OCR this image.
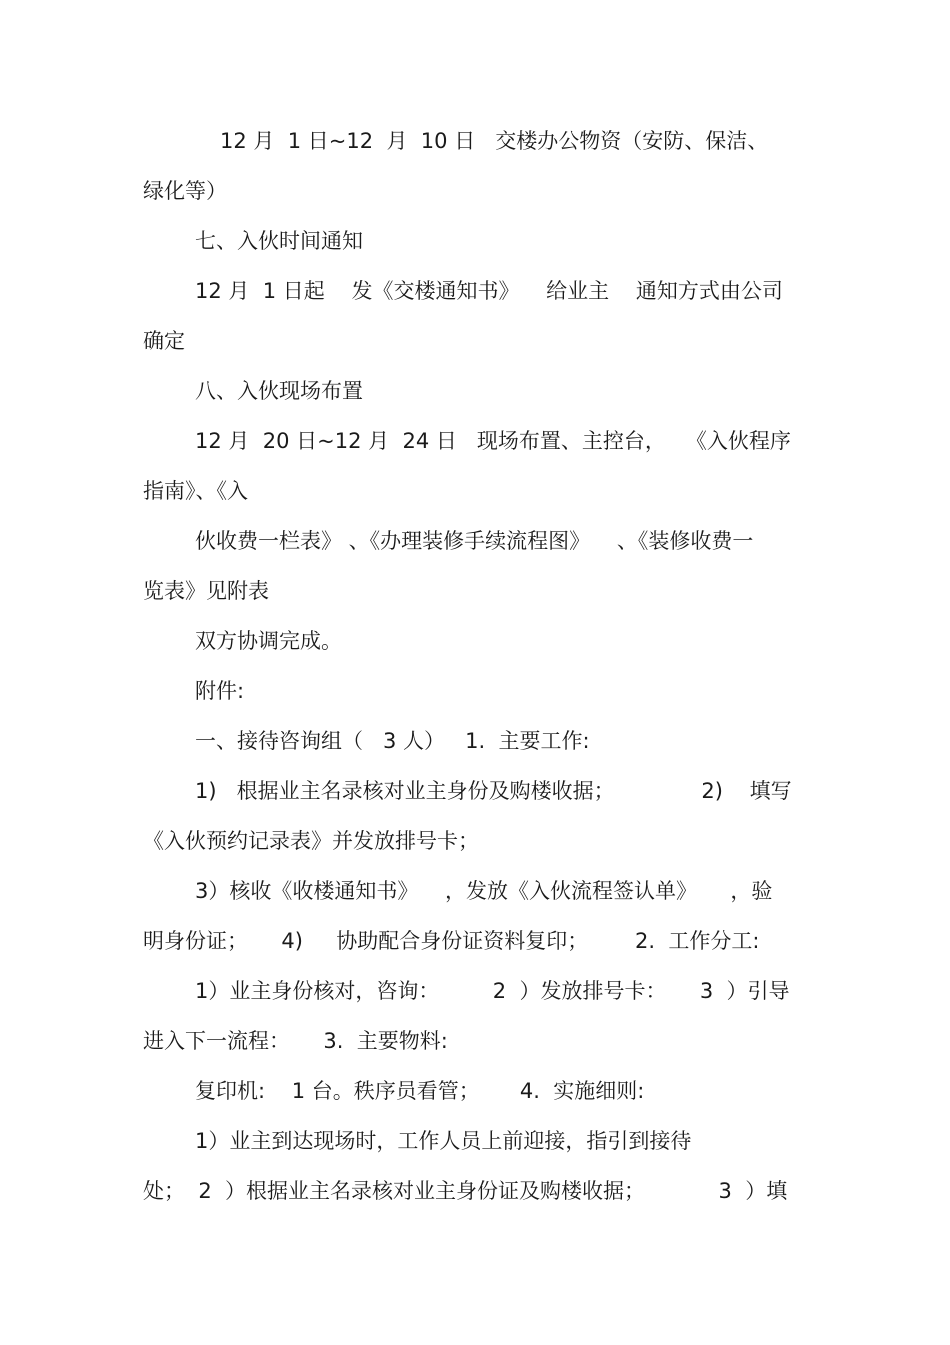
12 月  1 日~12  月  10 日   交楼办公物资（安防、保洁、
绿化等）
七、入伙时间通知
12 月  1 日起    发《交楼通知书》    给业主    通知方式由公司
确定
八、入伙现场布置
12 月  20 日~12 月  24 日   现场布置、主控台，   《入伙程序
指南》、《入
伙收费一栏表》 、《办理装修手续流程图》    、《装修收费一
览表》见附表
双方协调完成。
附件:
一、接待咨询组（   3 人）   1.  主要工作:
1)   根据业主名录核对业主身份及购楼收据；             2)    填写
《入伙预约记录表》并发放排号卡；
3）核收《收楼通知书》    ，发放《入伙流程签认单》     ，验
明身份证；     4)     协助配合身份证资料复印；       2.  工作分工:
1）业主身份核对，咨询：        2  ）发放排号卡：     3  ）引导
进入下一流程：     3.  主要物料:
复印机:    1 台。秩序员看管；      4.  实施细则:
1）业主到达现场时，工作人员上前迎接，指引到接待
处；  2  ）根据业主名录核对业主身份证及购楼收据；           3  ）填
